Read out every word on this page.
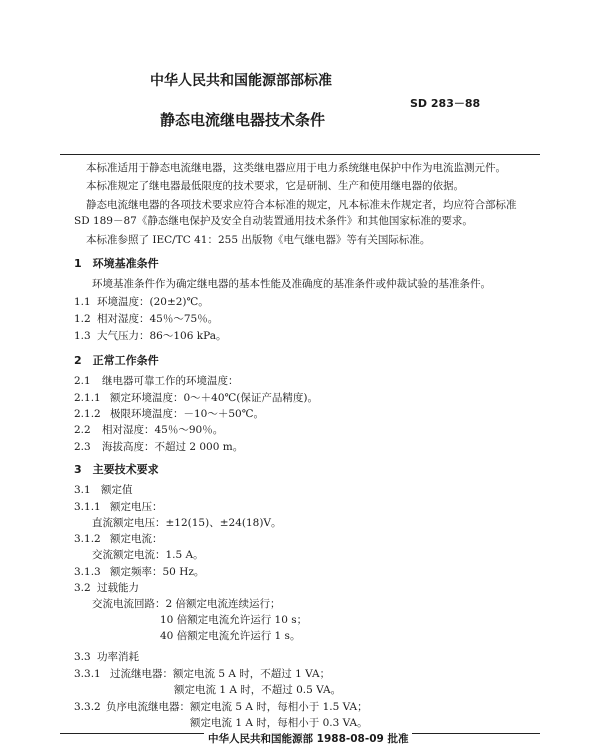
中华人民共和国能源部部标准
SD 283－88
静态电流继电器技术条件
本标准适用于静态电流继电器，这类继电器应用于电力系统继电保护中作为电流监测元件。
本标准规定了继电器最低限度的技术要求，它是研制、生产和使用继电器的依据。
静态电流继电器的各项技术要求应符合本标准的规定，凡本标准未作规定者，均应符合部标准
SD 189－87《静态继电保护及安全自动装置通用技术条件》和其他国家标准的要求。
本标准参照了 IEC/TC 41：255 出版物《电气继电器》等有关国际标准。
1　环境基准条件
环境基准条件作为确定继电器的基本性能及准确度的基准条件或仲裁试验的基准条件。
1.1 环境温度：(20±2)℃。
1.2 相对湿度：45％～75％。
1.3 大气压力：86～106 kPa。
2　正常工作条件
2.1 继电器可靠工作的环境温度：
2.1.1 额定环境温度：0～＋40℃(保证产品精度)。
2.1.2 极限环境温度：－10～＋50℃。
2.2 相对湿度：45％～90％。
2.3 海拔高度：不超过 2 000 m。
3　主要技术要求
3.1 额定值
3.1.1 额定电压：
直流额定电压：±12(15)、±24(18)V。
3.1.2 额定电流：
交流额定电流：1.5 A。
3.1.3 额定频率：50 Hz。
3.2 过载能力
交流电流回路：2 倍额定电流连续运行；
10 倍额定电流允许运行 10 s；
40 倍额定电流允许运行 1 s。
3.3 功率消耗
3.3.1 过流继电器：额定电流 5 A 时，不超过 1 VA；
额定电流 1 A 时，不超过 0.5 VA。
3.3.2 负序电流继电器：额定电流 5 A 时，每相小于 1.5 VA；
额定电流 1 A 时，每相小于 0.3 VA。
中华人民共和国能源部 1988-08-09 批准
